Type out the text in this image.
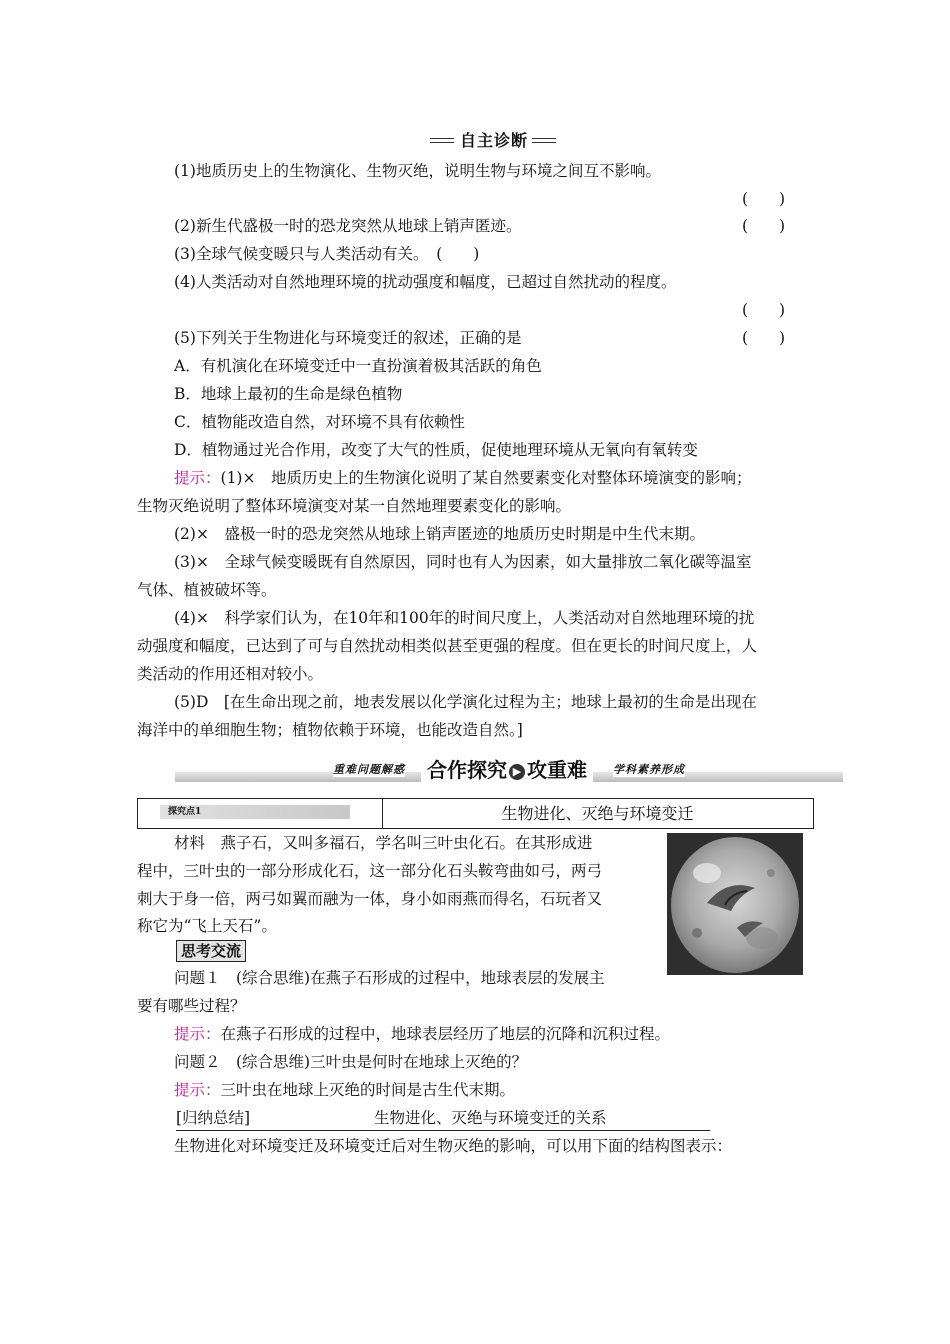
自主诊断
(1)地质历史上的生物演化、生物灭绝，说明生物与环境之间互不影响。
(　　)
(2)新生代盛极一时的恐龙突然从地球上销声匿迹。	(　　)
(3)全球气候变暖只与人类活动有关。　(　　)
(4)人类活动对自然地理环境的扰动强度和幅度，已超过自然扰动的程度。
(　　)
(5)下列关于生物进化与环境变迁的叙述，正确的是	(　　)
A．有机演化在环境变迁中一直扮演着极其活跃的角色
B．地球上最初的生命是绿色植物
C．植物能改造自然，对环境不具有依赖性
D．植物通过光合作用，改变了大气的性质，促使地理环境从无氧向有氧转变
提示：(1)×　地质历史上的生物演化说明了某自然要素变化对整体环境演变的影响；
生物灭绝说明了整体环境演变对某一自然地理要素变化的影响。
(2)×　盛极一时的恐龙突然从地球上销声匿迹的地质历史时期是中生代末期。
(3)×　全球气候变暖既有自然原因，同时也有人为因素，如大量排放二氧化碳等温室
气体、植被破坏等。
(4)×　科学家们认为，在10年和100年的时间尺度上，人类活动对自然地理环境的扰
动强度和幅度，已达到了可与自然扰动相类似甚至更强的程度。但在更长的时间尺度上，人
类活动的作用还相对较小。
(5)D　[在生命出现之前，地表发展以化学演化过程为主；地球上最初的生命是出现在
海洋中的单细胞生物；植物依赖于环境，也能改造自然。]
重难问题解惑	合作探究 ▶ 攻重难	学科素养形成
探究点1	生物进化、灭绝与环境变迁
材料　燕子石，又叫多福石，学名叫三叶虫化石。在其形成进
程中，三叶虫的一部分形成化石，这一部分化石头鞍弯曲如弓，两弓
刺大于身一倍，两弓如翼而融为一体，身小如雨燕而得名，石玩者又
称它为“飞上天石”。
思考交流
问题１　(综合思维)在燕子石形成的过程中，地球表层的发展主
要有哪些过程？
提示：在燕子石形成的过程中，地球表层经历了地层的沉降和沉积过程。
问题２　(综合思维)三叶虫是何时在地球上灭绝的？
提示：三叶虫在地球上灭绝的时间是古生代末期。
[归纳总结]	生物进化、灭绝与环境变迁的关系
生物进化对环境变迁及环境变迁后对生物灭绝的影响，可以用下面的结构图表示：
